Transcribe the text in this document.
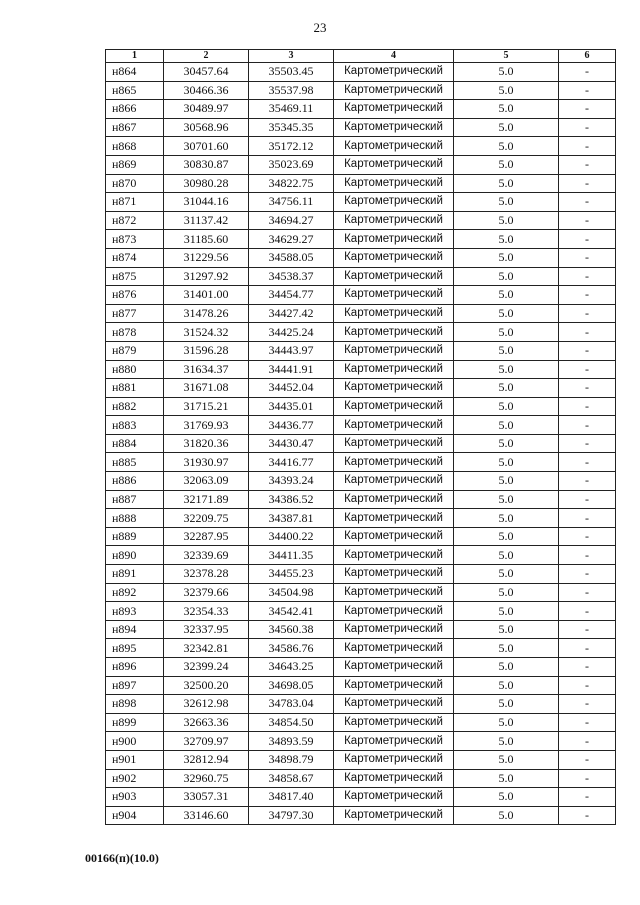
23
1	2	3	4	5	6
н864	30457.64	35503.45	Картометрический	5.0	-
н865	30466.36	35537.98	Картометрический	5.0	-
н866	30489.97	35469.11	Картометрический	5.0	-
н867	30568.96	35345.35	Картометрический	5.0	-
н868	30701.60	35172.12	Картометрический	5.0	-
н869	30830.87	35023.69	Картометрический	5.0	-
н870	30980.28	34822.75	Картометрический	5.0	-
н871	31044.16	34756.11	Картометрический	5.0	-
н872	31137.42	34694.27	Картометрический	5.0	-
н873	31185.60	34629.27	Картометрический	5.0	-
н874	31229.56	34588.05	Картометрический	5.0	-
н875	31297.92	34538.37	Картометрический	5.0	-
н876	31401.00	34454.77	Картометрический	5.0	-
н877	31478.26	34427.42	Картометрический	5.0	-
н878	31524.32	34425.24	Картометрический	5.0	-
н879	31596.28	34443.97	Картометрический	5.0	-
н880	31634.37	34441.91	Картометрический	5.0	-
н881	31671.08	34452.04	Картометрический	5.0	-
н882	31715.21	34435.01	Картометрический	5.0	-
н883	31769.93	34436.77	Картометрический	5.0	-
н884	31820.36	34430.47	Картометрический	5.0	-
н885	31930.97	34416.77	Картометрический	5.0	-
н886	32063.09	34393.24	Картометрический	5.0	-
н887	32171.89	34386.52	Картометрический	5.0	-
н888	32209.75	34387.81	Картометрический	5.0	-
н889	32287.95	34400.22	Картометрический	5.0	-
н890	32339.69	34411.35	Картометрический	5.0	-
н891	32378.28	34455.23	Картометрический	5.0	-
н892	32379.66	34504.98	Картометрический	5.0	-
н893	32354.33	34542.41	Картометрический	5.0	-
н894	32337.95	34560.38	Картометрический	5.0	-
н895	32342.81	34586.76	Картометрический	5.0	-
н896	32399.24	34643.25	Картометрический	5.0	-
н897	32500.20	34698.05	Картометрический	5.0	-
н898	32612.98	34783.04	Картометрический	5.0	-
н899	32663.36	34854.50	Картометрический	5.0	-
н900	32709.97	34893.59	Картометрический	5.0	-
н901	32812.94	34898.79	Картометрический	5.0	-
н902	32960.75	34858.67	Картометрический	5.0	-
н903	33057.31	34817.40	Картометрический	5.0	-
н904	33146.60	34797.30	Картометрический	5.0	-
00166(п)(10.0)
